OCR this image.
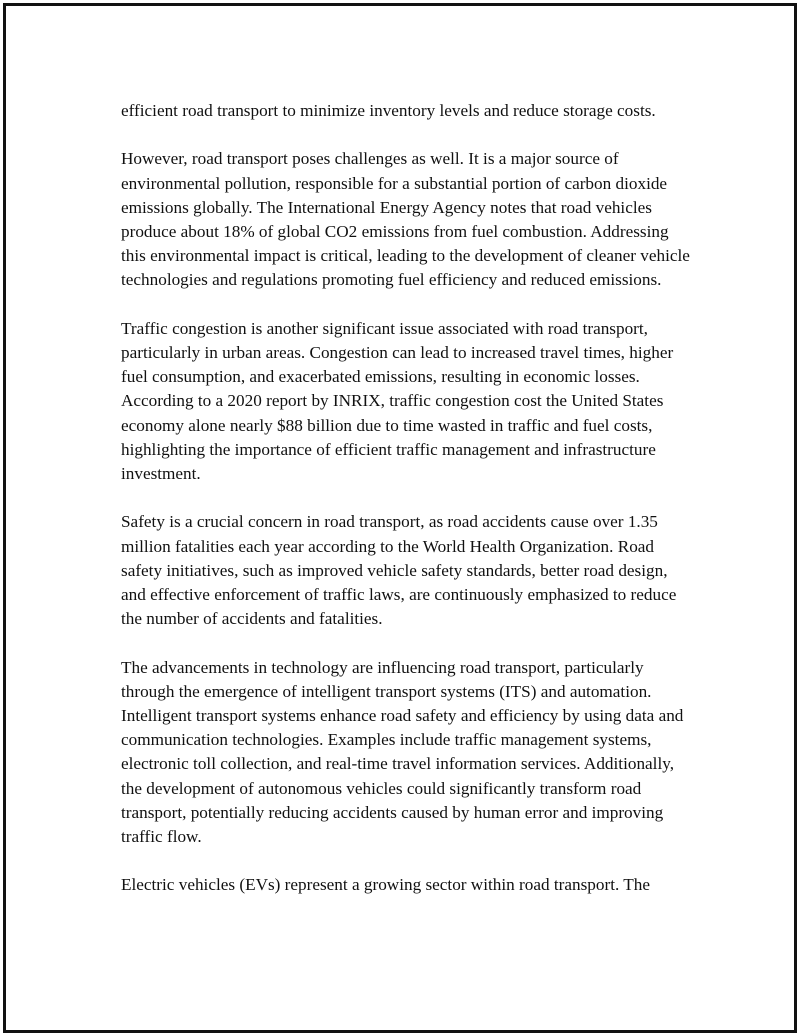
efficient road transport to minimize inventory levels and reduce storage costs.

However, road transport poses challenges as well. It is a major source of environmental pollution, responsible for a substantial portion of carbon dioxide emissions globally. The International Energy Agency notes that road vehicles produce about 18% of global CO2 emissions from fuel combustion. Addressing this environmental impact is critical, leading to the development of cleaner vehicle technologies and regulations promoting fuel efficiency and reduced emissions.

Traffic congestion is another significant issue associated with road transport, particularly in urban areas. Congestion can lead to increased travel times, higher fuel consumption, and exacerbated emissions, resulting in economic losses. According to a 2020 report by INRIX, traffic congestion cost the United States economy alone nearly $88 billion due to time wasted in traffic and fuel costs, highlighting the importance of efficient traffic management and infrastructure investment.

Safety is a crucial concern in road transport, as road accidents cause over 1.35 million fatalities each year according to the World Health Organization. Road safety initiatives, such as improved vehicle safety standards, better road design, and effective enforcement of traffic laws, are continuously emphasized to reduce the number of accidents and fatalities.

The advancements in technology are influencing road transport, particularly through the emergence of intelligent transport systems (ITS) and automation. Intelligent transport systems enhance road safety and efficiency by using data and communication technologies. Examples include traffic management systems, electronic toll collection, and real-time travel information services. Additionally, the development of autonomous vehicles could significantly transform road transport, potentially reducing accidents caused by human error and improving traffic flow.

Electric vehicles (EVs) represent a growing sector within road transport. The
